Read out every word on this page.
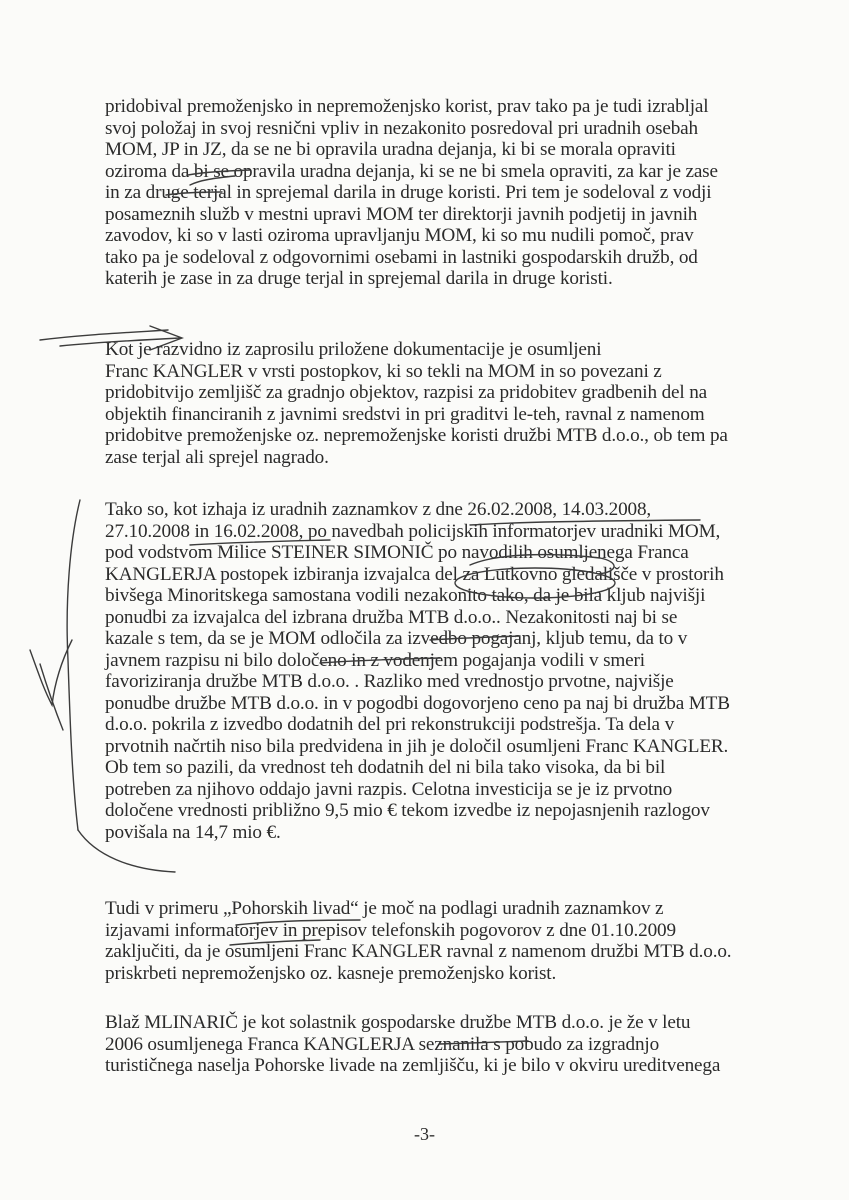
pridobival premoženjsko in nepremoženjsko korist, prav tako pa je tudi izrabljal
svoj položaj in svoj resnični vpliv in nezakonito posredoval pri uradnih osebah
MOM, JP in JZ, da se ne bi opravila uradna dejanja, ki bi se morala opraviti
oziroma da bi se opravila uradna dejanja, ki se ne bi smela opraviti, za kar je zase
in za druge terjal in sprejemal darila in druge koristi. Pri tem je sodeloval z vodji
posameznih služb v mestni upravi MOM ter direktorji javnih podjetij in javnih
zavodov, ki so v lasti oziroma upravljanju MOM, ki so mu nudili pomoč, prav
tako pa je sodeloval z odgovornimi osebami in lastniki gospodarskih družb, od
katerih je zase in za druge terjal in sprejemal darila in druge koristi.
Kot je razvidno iz zaprosilu priložene dokumentacije je osumljeni
Franc KANGLER v vrsti postopkov, ki so tekli na MOM in so povezani z
pridobitvijo zemljišč za gradnjo objektov, razpisi za pridobitev gradbenih del na
objektih financiranih z javnimi sredstvi in pri graditvi le-teh, ravnal z namenom
pridobitve premoženjske oz. nepremoženjske koristi družbi MTB d.o.o., ob tem pa
zase terjal ali sprejel nagrado.
Tako so, kot izhaja iz uradnih zaznamkov z dne 26.02.2008, 14.03.2008,
27.10.2008 in 16.02.2008, po navedbah policijskih informatorjev uradniki MOM,
pod vodstvom Milice STEINER SIMONIČ po navodilih osumljenega Franca
KANGLERJA postopek izbiranja izvajalca del za Lutkovno gledališče v prostorih
bivšega Minoritskega samostana vodili nezakonito tako, da je bila kljub najvišji
ponudbi za izvajalca del izbrana družba MTB d.o.o.. Nezakonitosti naj bi se
kazale s tem, da se je MOM odločila za izvedbo pogajanj, kljub temu, da to v
javnem razpisu ni bilo določeno in z vodenjem pogajanja vodili v smeri
favoriziranja družbe MTB d.o.o. . Razliko med vrednostjo prvotne, najvišje
ponudbe družbe MTB d.o.o. in v pogodbi dogovorjeno ceno pa naj bi družba MTB
d.o.o. pokrila z izvedbo dodatnih del pri rekonstrukciji podstrešja. Ta dela v
prvotnih načrtih niso bila predvidena in jih je določil osumljeni Franc KANGLER.
Ob tem so pazili, da vrednost teh dodatnih del ni bila tako visoka, da bi bil
potreben za njihovo oddajo javni razpis. Celotna investicija se je iz prvotno
določene vrednosti približno 9,5 mio € tekom izvedbe iz nepojasnjenih razlogov
povišala na 14,7 mio €.
Tudi v primeru „Pohorskih livad“ je moč na podlagi uradnih zaznamkov z
izjavami informatorjev in prepisov telefonskih pogovorov z dne 01.10.2009
zaključiti, da je osumljeni Franc KANGLER ravnal z namenom družbi MTB d.o.o.
priskrbeti nepremoženjsko oz. kasneje premoženjsko korist.
Blaž MLINARIČ je kot solastnik gospodarske družbe MTB d.o.o. je že v letu
2006 osumljenega Franca KANGLERJA seznanila s pobudo za izgradnjo
turističnega naselja Pohorske livade na zemljišču, ki je bilo v okviru ureditvenega
-3-
